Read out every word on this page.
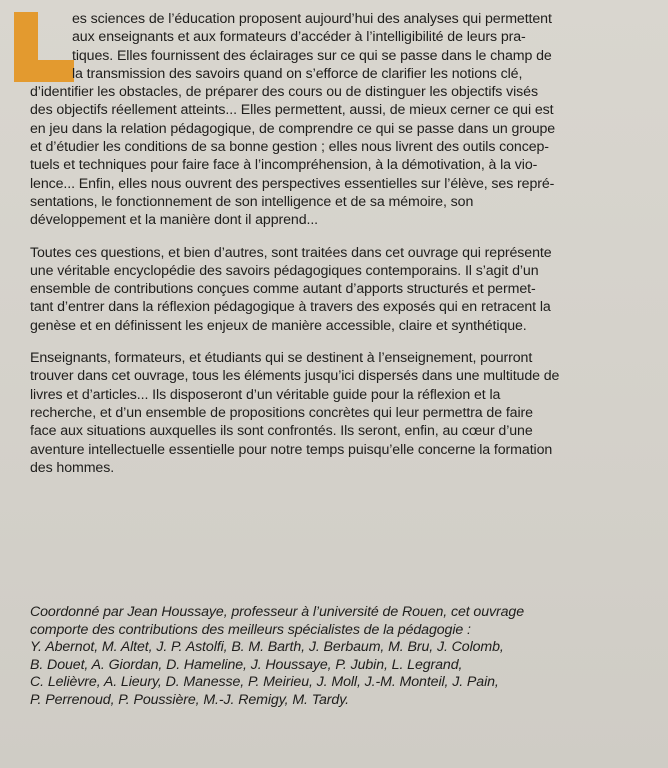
es sciences de l’éducation proposent aujourd’hui des analyses qui permettent
aux enseignants et aux formateurs d’accéder à l’intelligibilité de leurs pra-
tiques. Elles fournissent des éclairages sur ce qui se passe dans le champ de
la transmission des savoirs quand on s’efforce de clarifier les notions clé,
d’identifier les obstacles, de préparer des cours ou de distinguer les objectifs visés
des objectifs réellement atteints... Elles permettent, aussi, de mieux cerner ce qui est
en jeu dans la relation pédagogique, de comprendre ce qui se passe dans un groupe
et d’étudier les conditions de sa bonne gestion ; elles nous livrent des outils concep-
tuels et techniques pour faire face à l’incompréhension, à la démotivation, à la vio-
lence... Enfin, elles nous ouvrent des perspectives essentielles sur l’élève, ses repré-
sentations, le fonctionnement de son intelligence et de sa mémoire, son
développement et la manière dont il apprend...
Toutes ces questions, et bien d’autres, sont traitées dans cet ouvrage qui représente
une véritable encyclopédie des savoirs pédagogiques contemporains. Il s’agit d’un
ensemble de contributions conçues comme autant d’apports structurés et permet-
tant d’entrer dans la réflexion pédagogique à travers des exposés qui en retracent la
genèse et en définissent les enjeux de manière accessible, claire et synthétique.
Enseignants, formateurs, et étudiants qui se destinent à l’enseignement, pourront
trouver dans cet ouvrage, tous les éléments jusqu’ici dispersés dans une multitude de
livres et d’articles... Ils disposeront d’un véritable guide pour la réflexion et la
recherche, et d’un ensemble de propositions concrètes qui leur permettra de faire
face aux situations auxquelles ils sont confrontés. Ils seront, enfin, au cœur d’une
aventure intellectuelle essentielle pour notre temps puisqu’elle concerne la formation
des hommes.
Coordonné par Jean Houssaye, professeur à l’université de Rouen, cet ouvrage
comporte des contributions des meilleurs spécialistes de la pédagogie :
Y. Abernot, M. Altet, J. P. Astolfi, B. M. Barth, J. Berbaum, M. Bru, J. Colomb,
B. Douet, A. Giordan, D. Hameline, J. Houssaye, P. Jubin, L. Legrand,
C. Lelièvre, A. Lieury, D. Manesse, P. Meirieu, J. Moll, J.-M. Monteil, J. Pain,
P. Perrenoud, P. Poussière, M.-J. Remigy, M. Tardy.
